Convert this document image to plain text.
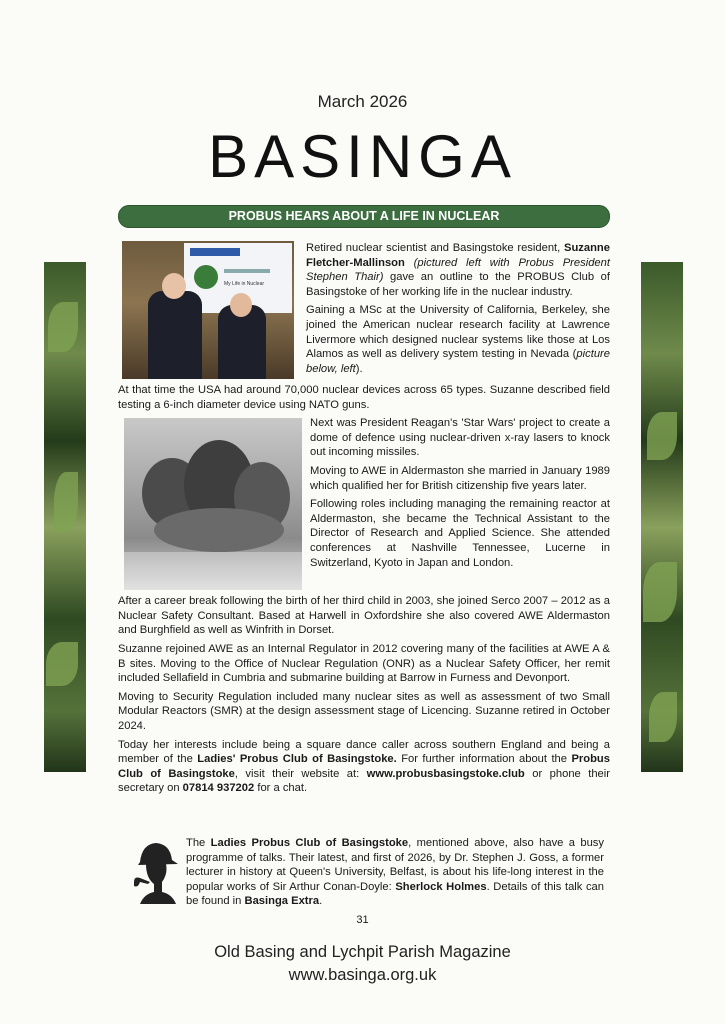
March 2026
BASINGA
PROBUS HEARS ABOUT A LIFE IN NUCLEAR
My Life in Nuclear

Retired nuclear scientist and Basingstoke resident, Suzanne Fletcher-Mallinson (pictured left with Probus President Stephen Thair) gave an outline to the PROBUS Club of Basingstoke of her working life in the nuclear industry.

Gaining a MSc at the University of California, Berkeley, she joined the American nuclear research facility at Lawrence Livermore which designed nuclear systems like those at Los Alamos as well as delivery system testing in Nevada (picture below, left).

At that time the USA had around 70,000 nuclear devices across 65 types. Suzanne described field testing a 6-inch diameter device using NATO guns.

Next was President Reagan's 'Star Wars' project to create a dome of defence using nuclear-driven x-ray lasers to knock out incoming missiles.

Moving to AWE in Aldermaston she married in January 1989 which qualified her for British citizenship five years later.

Following roles including managing the remaining reactor at Aldermaston, she became the Technical Assistant to the Director of Research and Applied Science. She attended conferences at Nashville Tennessee, Lucerne in Switzerland, Kyoto in Japan and London.

After a career break following the birth of her third child in 2003, she joined Serco 2007 – 2012 as a Nuclear Safety Consultant. Based at Harwell in Oxfordshire she also covered AWE Aldermaston and Burghfield as well as Winfrith in Dorset.

Suzanne rejoined AWE as an Internal Regulator in 2012 covering many of the facilities at AWE A & B sites. Moving to the Office of Nuclear Regulation (ONR) as a Nuclear Safety Officer, her remit included Sellafield in Cumbria and submarine building at Barrow in Furness and Devonport.

Moving to Security Regulation included many nuclear sites as well as assessment of two Small Modular Reactors (SMR) at the design assessment stage of Licencing. Suzanne retired in October 2024.

Today her interests include being a square dance caller across southern England and being a member of the Ladies' Probus Club of Basingstoke. For further information about the Probus Club of Basingstoke, visit their website at: www.probusbasingstoke.club or phone their secretary on 07814 937202 for a chat.

The Ladies Probus Club of Basingstoke, mentioned above, also have a busy programme of talks. Their latest, and first of 2026, by Dr. Stephen J. Goss, a former lecturer in history at Queen's University, Belfast, is about his life-long interest in the popular works of Sir Arthur Conan-Doyle: Sherlock Holmes. Details of this talk can be found in Basinga Extra.
31
Old Basing and Lychpit Parish Magazine
www.basinga.org.uk
